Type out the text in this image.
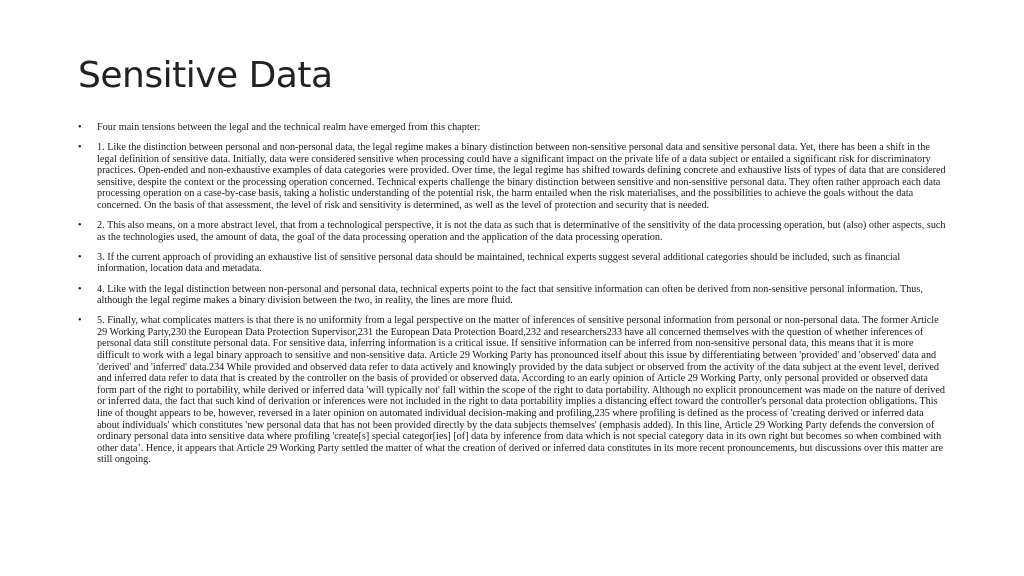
Sensitive Data
• Four main tensions between the legal and the technical realm have emerged from this chapter:
• 1. Like the distinction between personal and non-personal data, the legal regime makes a binary distinction between non-sensitive personal data and sensitive personal data. Yet, there has been a shift in the legal definition of sensitive data. Initially, data were considered sensitive when processing could have a significant impact on the private life of a data subject or entailed a significant risk for discriminatory practices. Open-ended and non-exhaustive examples of data categories were provided. Over time, the legal regime has shifted towards defining concrete and exhaustive lists of types of data that are considered sensitive, despite the context or the processing operation concerned. Technical experts challenge the binary distinction between sensitive and non-sensitive personal data. They often rather approach each data processing operation on a case-by-case basis, taking a holistic understanding of the potential risk, the harm entailed when the risk materialises, and the possibilities to achieve the goals without the data concerned. On the basis of that assessment, the level of risk and sensitivity is determined, as well as the level of protection and security that is needed.
• 2. This also means, on a more abstract level, that from a technological perspective, it is not the data as such that is determinative of the sensitivity of the data processing operation, but (also) other aspects, such as the technologies used, the amount of data, the goal of the data processing operation and the application of the data processing operation.
• 3. If the current approach of providing an exhaustive list of sensitive personal data should be maintained, technical experts suggest several additional categories should be included, such as financial information, location data and metadata.
• 4. Like with the legal distinction between non-personal and personal data, technical experts point to the fact that sensitive information can often be derived from non-sensitive personal information. Thus, although the legal regime makes a binary division between the two, in reality, the lines are more fluid.
• 5. Finally, what complicates matters is that there is no uniformity from a legal perspective on the matter of inferences of sensitive personal information from personal or non-personal data. The former Article 29 Working Party,230 the European Data Protection Supervisor,231 the European Data Protection Board,232 and researchers233 have all concerned themselves with the question of whether inferences of personal data still constitute personal data. For sensitive data, inferring information is a critical issue. If sensitive information can be inferred from non-sensitive personal data, this means that it is more difficult to work with a legal binary approach to sensitive and non-sensitive data. Article 29 Working Party has pronounced itself about this issue by differentiating between 'provided' and 'observed' data and 'derived' and 'inferred' data.234 While provided and observed data refer to data actively and knowingly provided by the data subject or observed from the activity of the data subject at the event level, derived and inferred data refer to data that is created by the controller on the basis of provided or observed data. According to an early opinion of Article 29 Working Party, only personal provided or observed data form part of the right to portability, while derived or inferred data 'will typically not' fall within the scope of the right to data portability. Although no explicit pronouncement was made on the nature of derived or inferred data, the fact that such kind of derivation or inferences were not included in the right to data portability implies a distancing effect toward the controller's personal data protection obligations. This line of thought appears to be, however, reversed in a later opinion on automated individual decision-making and profiling,235 where profiling is defined as the process of 'creating derived or inferred data about individuals' which constitutes 'new personal data that has not been provided directly by the data subjects themselves' (emphasis added). In this line, Article 29 Working Party defends the conversion of ordinary personal data into sensitive data where profiling 'create[s] special categor[ies] [of] data by inference from data which is not special category data in its own right but becomes so when combined with other data’. Hence, it appears that Article 29 Working Party settled the matter of what the creation of derived or inferred data constitutes in its more recent pronouncements, but discussions over this matter are still ongoing.
